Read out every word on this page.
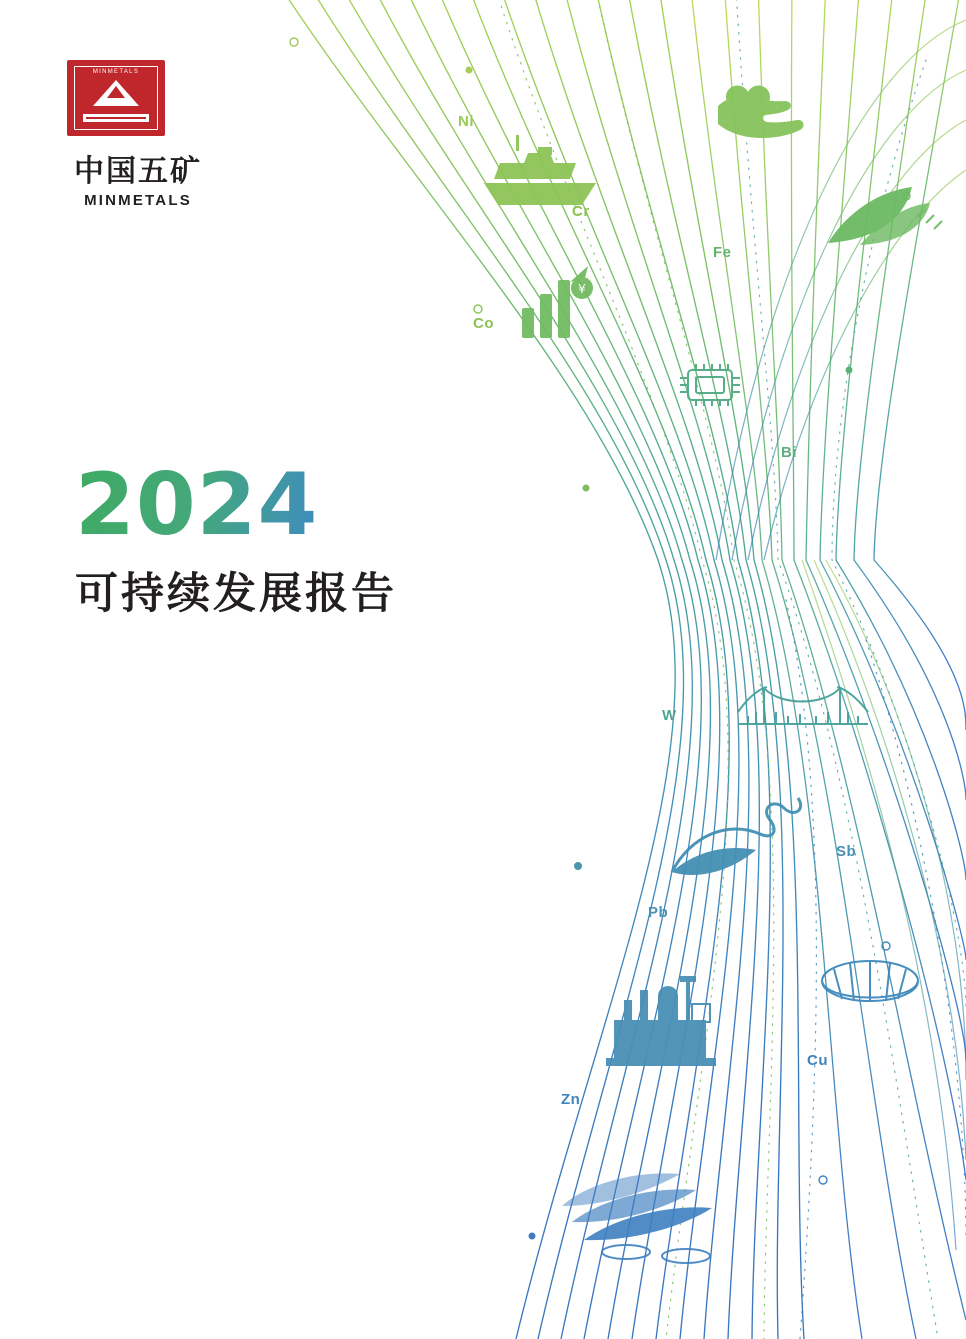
¥
Ni
Cr
Fe
Co
Bi
W
Sb
Pb
Cu
Zn
MINMETALS
中国五矿
MINMETALS
2024
可持续发展报告
